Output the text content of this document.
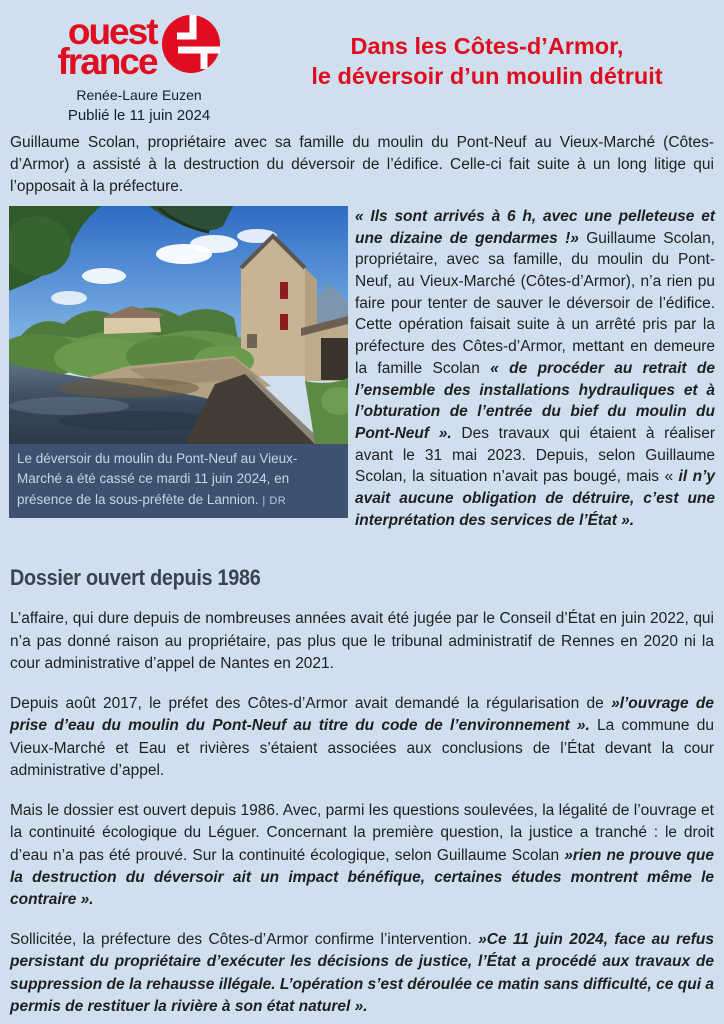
ouest
france
Renée-Laure Euzen
Publié le 11 juin 2024
Dans les Côtes-d’Armor,
le déversoir d’un moulin détruit

Guillaume Scolan, propriétaire avec sa famille du moulin du Pont-Neuf au Vieux-Marché (Côtes-d’Armor) a assisté à la destruction du déversoir de l’édifice. Celle-ci fait suite à un long litige qui l’opposait à la préfecture.

Le déversoir du moulin du Pont-Neuf au Vieux-Marché a été cassé ce mardi 11 juin 2024, en présence de la sous-préfète de Lannion. | DR
« Ils sont arrivés à 6 h, avec une pelleteuse et une dizaine de gendarmes !» Guillaume Scolan, propriétaire, avec sa famille, du moulin du Pont-Neuf, au Vieux-Marché (Côtes-d’Armor), n’a rien pu faire pour tenter de sauver le déversoir de l’édifice. Cette opération faisait suite à un arrêté pris par la préfecture des Côtes-d’Armor, mettant en demeure la famille Scolan « de procéder au retrait de l’ensemble des installations hydrauliques et à l’obturation de l’entrée du bief du moulin du Pont-Neuf ». Des travaux qui étaient à réaliser avant le 31 mai 2023. Depuis, selon Guillaume Scolan, la situation n’avait pas bougé, mais « il n’y avait aucune obligation de détruire, c’est une interprétation des services de l’État ».
Dossier ouvert depuis 1986

L’affaire, qui dure depuis de nombreuses années avait été jugée par le Conseil d’État en juin 2022, qui n’a pas donné raison au propriétaire, pas plus que le tribunal administratif de Rennes en 2020 ni la cour administrative d’appel de Nantes en 2021.

Depuis août 2017, le préfet des Côtes-d’Armor avait demandé la régularisation de »l’ouvrage de prise d’eau du moulin du Pont-Neuf au titre du code de l’environnement ». La commune du Vieux-Marché et Eau et rivières s’étaient associées aux conclusions de l’État devant la cour administrative d’appel.

Mais le dossier est ouvert depuis 1986. Avec, parmi les questions soulevées, la légalité de l’ouvrage et la continuité écologique du Léguer. Concernant la première question, la justice a tranché : le droit d’eau n’a pas été prouvé. Sur la continuité écologique, selon Guillaume Scolan »rien ne prouve que la destruction du déversoir ait un impact bénéfique, certaines études montrent même le contraire ».

Sollicitée, la préfecture des Côtes-d’Armor confirme l’intervention. »Ce 11 juin 2024, face au refus persistant du propriétaire d’exécuter les décisions de justice, l’État a procédé aux travaux de suppression de la rehausse illégale. L’opération s’est déroulée ce matin sans difficulté, ce qui a permis de restituer la rivière à son état naturel ».
